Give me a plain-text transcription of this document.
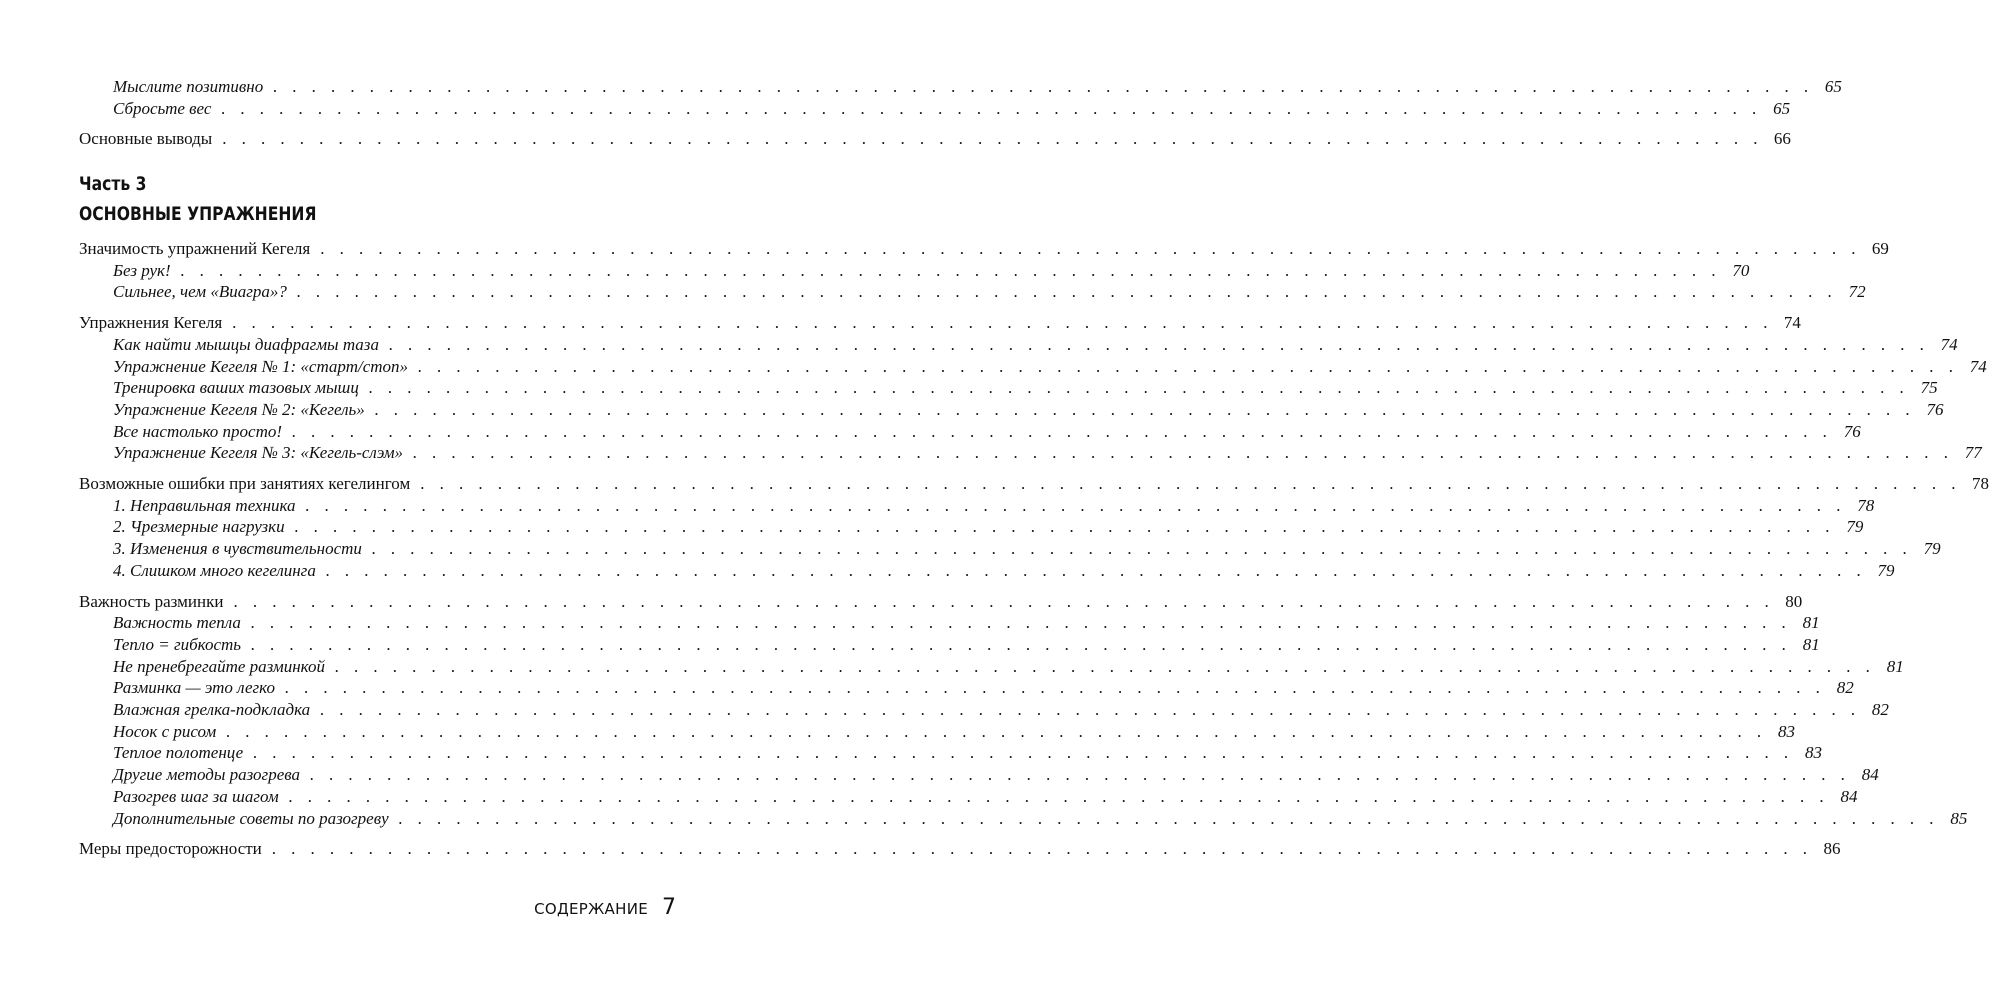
Мыслите позитивно . . . . . . . . . . . . . . . . . . . . . . . . . . . . . . . . . . . . . . . . . . . . . . . . . . . . . . . . . . . . . . . . . . . . . . . . . . . . . . . . 65
Сбросьте вес . . . . . . . . . . . . . . . . . . . . . . . . . . . . . . . . . . . . . . . . . . . . . . . . . . . . . . . . . . . . . . . . . . . . . . . . . . . . . . . . 65
Основные выводы . . . . . . . . . . . . . . . . . . . . . . . . . . . . . . . . . . . . . . . . . . . . . . . . . . . . . . . . . . . . . . . . . . . . . . . . . . . . . . . . 66
Часть 3
ОСНОВНЫЕ УПРАЖНЕНИЯ
Значимость упражнений Кегеля . . . . . . . . . . . . . . . . . . . . . . . . . . . . . . . . . . . . . . . . . . . . . . . . . . . . . . . . . . . . . . . . . . . . . . . . . . . . . . . . 69
Без рук! . . . . . . . . . . . . . . . . . . . . . . . . . . . . . . . . . . . . . . . . . . . . . . . . . . . . . . . . . . . . . . . . . . . . . . . . . . . . . . . . 70
Сильнее, чем «Виагра»? . . . . . . . . . . . . . . . . . . . . . . . . . . . . . . . . . . . . . . . . . . . . . . . . . . . . . . . . . . . . . . . . . . . . . . . . . . . . . . . . 72
Упражнения Кегеля . . . . . . . . . . . . . . . . . . . . . . . . . . . . . . . . . . . . . . . . . . . . . . . . . . . . . . . . . . . . . . . . . . . . . . . . . . . . . . . . 74
Как найти мышцы диафрагмы таза . . . . . . . . . . . . . . . . . . . . . . . . . . . . . . . . . . . . . . . . . . . . . . . . . . . . . . . . . . . . . . . . . . . . . . . . . . . . . . . . 74
Упражнение Кегеля № 1: «старт/стоп» . . . . . . . . . . . . . . . . . . . . . . . . . . . . . . . . . . . . . . . . . . . . . . . . . . . . . . . . . . . . . . . . . . . . . . . . . . . . . . . . 74
Тренировка ваших тазовых мышц . . . . . . . . . . . . . . . . . . . . . . . . . . . . . . . . . . . . . . . . . . . . . . . . . . . . . . . . . . . . . . . . . . . . . . . . . . . . . . . . 75
Упражнение Кегеля № 2: «Кегель» . . . . . . . . . . . . . . . . . . . . . . . . . . . . . . . . . . . . . . . . . . . . . . . . . . . . . . . . . . . . . . . . . . . . . . . . . . . . . . . . 76
Все настолько просто! . . . . . . . . . . . . . . . . . . . . . . . . . . . . . . . . . . . . . . . . . . . . . . . . . . . . . . . . . . . . . . . . . . . . . . . . . . . . . . . . 76
Упражнение Кегеля № 3: «Кегель-слэм» . . . . . . . . . . . . . . . . . . . . . . . . . . . . . . . . . . . . . . . . . . . . . . . . . . . . . . . . . . . . . . . . . . . . . . . . . . . . . . . . 77
Возможные ошибки при занятиях кегелингом . . . . . . . . . . . . . . . . . . . . . . . . . . . . . . . . . . . . . . . . . . . . . . . . . . . . . . . . . . . . . . . . . . . . . . . . . . . . . . . . 78
1. Неправильная техника . . . . . . . . . . . . . . . . . . . . . . . . . . . . . . . . . . . . . . . . . . . . . . . . . . . . . . . . . . . . . . . . . . . . . . . . . . . . . . . . 78
2. Чрезмерные нагрузки . . . . . . . . . . . . . . . . . . . . . . . . . . . . . . . . . . . . . . . . . . . . . . . . . . . . . . . . . . . . . . . . . . . . . . . . . . . . . . . . 79
3. Изменения в чувствительности . . . . . . . . . . . . . . . . . . . . . . . . . . . . . . . . . . . . . . . . . . . . . . . . . . . . . . . . . . . . . . . . . . . . . . . . . . . . . . . . 79
4. Слишком много кегелинга . . . . . . . . . . . . . . . . . . . . . . . . . . . . . . . . . . . . . . . . . . . . . . . . . . . . . . . . . . . . . . . . . . . . . . . . . . . . . . . . 79
Важность разминки . . . . . . . . . . . . . . . . . . . . . . . . . . . . . . . . . . . . . . . . . . . . . . . . . . . . . . . . . . . . . . . . . . . . . . . . . . . . . . . . 80
Важность тепла . . . . . . . . . . . . . . . . . . . . . . . . . . . . . . . . . . . . . . . . . . . . . . . . . . . . . . . . . . . . . . . . . . . . . . . . . . . . . . . . 81
Тепло = гибкость . . . . . . . . . . . . . . . . . . . . . . . . . . . . . . . . . . . . . . . . . . . . . . . . . . . . . . . . . . . . . . . . . . . . . . . . . . . . . . . . 81
Не пренебрегайте разминкой . . . . . . . . . . . . . . . . . . . . . . . . . . . . . . . . . . . . . . . . . . . . . . . . . . . . . . . . . . . . . . . . . . . . . . . . . . . . . . . . 81
Разминка — это легко . . . . . . . . . . . . . . . . . . . . . . . . . . . . . . . . . . . . . . . . . . . . . . . . . . . . . . . . . . . . . . . . . . . . . . . . . . . . . . . . 82
Влажная грелка-подкладка . . . . . . . . . . . . . . . . . . . . . . . . . . . . . . . . . . . . . . . . . . . . . . . . . . . . . . . . . . . . . . . . . . . . . . . . . . . . . . . . 82
Носок с рисом . . . . . . . . . . . . . . . . . . . . . . . . . . . . . . . . . . . . . . . . . . . . . . . . . . . . . . . . . . . . . . . . . . . . . . . . . . . . . . . . 83
Теплое полотенце . . . . . . . . . . . . . . . . . . . . . . . . . . . . . . . . . . . . . . . . . . . . . . . . . . . . . . . . . . . . . . . . . . . . . . . . . . . . . . . . 83
Другие методы разогрева . . . . . . . . . . . . . . . . . . . . . . . . . . . . . . . . . . . . . . . . . . . . . . . . . . . . . . . . . . . . . . . . . . . . . . . . . . . . . . . . 84
Разогрев шаг за шагом . . . . . . . . . . . . . . . . . . . . . . . . . . . . . . . . . . . . . . . . . . . . . . . . . . . . . . . . . . . . . . . . . . . . . . . . . . . . . . . . 84
Дополнительные советы по разогреву . . . . . . . . . . . . . . . . . . . . . . . . . . . . . . . . . . . . . . . . . . . . . . . . . . . . . . . . . . . . . . . . . . . . . . . . . . . . . . . . 85
Меры предосторожности . . . . . . . . . . . . . . . . . . . . . . . . . . . . . . . . . . . . . . . . . . . . . . . . . . . . . . . . . . . . . . . . . . . . . . . . . . . . . . . . 86
СОДЕРЖАНИЕ 7
